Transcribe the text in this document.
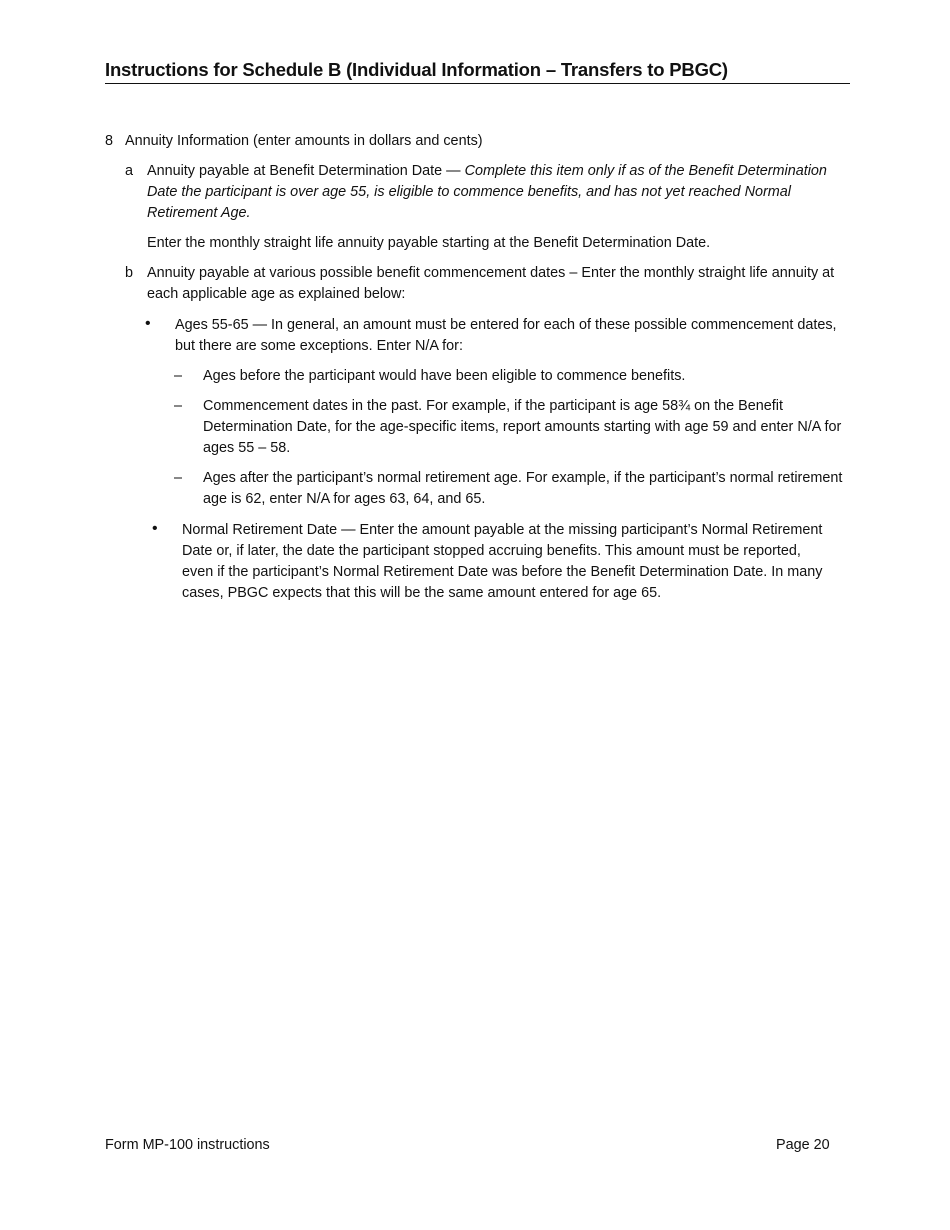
Instructions for Schedule B (Individual Information – Transfers to PBGC)
8 Annuity Information (enter amounts in dollars and cents)
a Annuity payable at Benefit Determination Date — Complete this item only if as of the Benefit Determination Date the participant is over age 55, is eligible to commence benefits, and has not yet reached Normal Retirement Age.
Enter the monthly straight life annuity payable starting at the Benefit Determination Date.
b Annuity payable at various possible benefit commencement dates – Enter the monthly straight life annuity at each applicable age as explained below:
• Ages 55-65 — In general, an amount must be entered for each of these possible commencement dates, but there are some exceptions. Enter N/A for:
– Ages before the participant would have been eligible to commence benefits.
– Commencement dates in the past. For example, if the participant is age 58¾ on the Benefit Determination Date, for the age-specific items, report amounts starting with age 59 and enter N/A for ages 55 – 58.
– Ages after the participant’s normal retirement age. For example, if the participant’s normal retirement age is 62, enter N/A for ages 63, 64, and 65.
• Normal Retirement Date — Enter the amount payable at the missing participant’s Normal Retirement Date or, if later, the date the participant stopped accruing benefits. This amount must be reported, even if the participant’s Normal Retirement Date was before the Benefit Determination Date. In many cases, PBGC expects that this will be the same amount entered for age 65.
Form MP-100 instructions	Page 20
